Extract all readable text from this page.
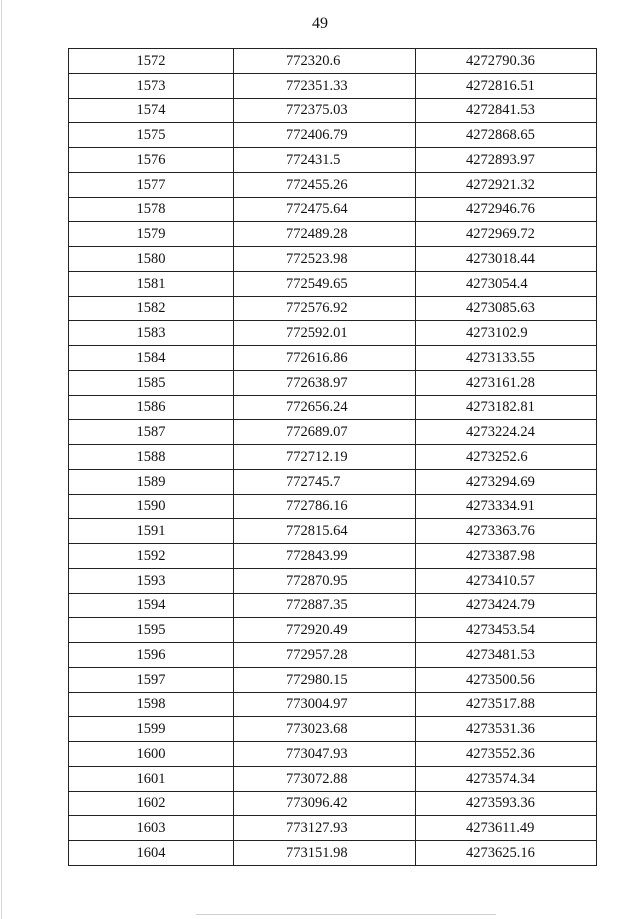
49
1572	772320.6	4272790.36
1573	772351.33	4272816.51
1574	772375.03	4272841.53
1575	772406.79	4272868.65
1576	772431.5	4272893.97
1577	772455.26	4272921.32
1578	772475.64	4272946.76
1579	772489.28	4272969.72
1580	772523.98	4273018.44
1581	772549.65	4273054.4
1582	772576.92	4273085.63
1583	772592.01	4273102.9
1584	772616.86	4273133.55
1585	772638.97	4273161.28
1586	772656.24	4273182.81
1587	772689.07	4273224.24
1588	772712.19	4273252.6
1589	772745.7	4273294.69
1590	772786.16	4273334.91
1591	772815.64	4273363.76
1592	772843.99	4273387.98
1593	772870.95	4273410.57
1594	772887.35	4273424.79
1595	772920.49	4273453.54
1596	772957.28	4273481.53
1597	772980.15	4273500.56
1598	773004.97	4273517.88
1599	773023.68	4273531.36
1600	773047.93	4273552.36
1601	773072.88	4273574.34
1602	773096.42	4273593.36
1603	773127.93	4273611.49
1604	773151.98	4273625.16
